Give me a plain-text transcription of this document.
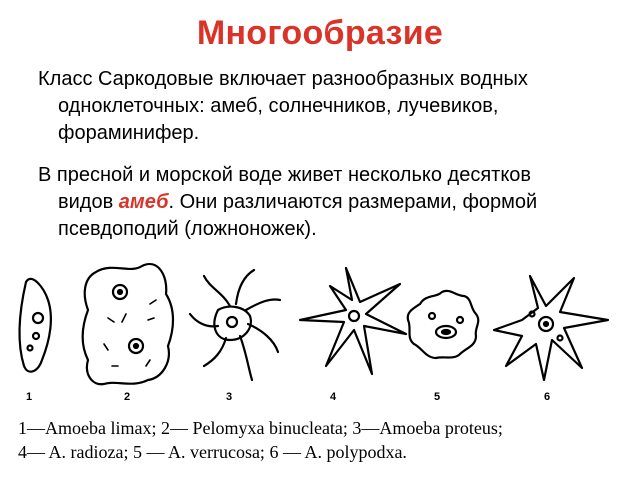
Многообразие
Класс Саркодовые включает разнообразных водных
одноклеточных: амеб, солнечников, лучевиков,
фораминифер.
В пресной и морской воде живет несколько десятков
видов амеб. Они различаются размерами, формой
псевдоподий (ложноножек).
1	2	3	4	5	6
1—Amoeba limax; 2— Pelomyxa binucleata; 3—Amoeba proteus;
4— A. radioza; 5 — A. verrucosa; 6 — A. polypodxa.
